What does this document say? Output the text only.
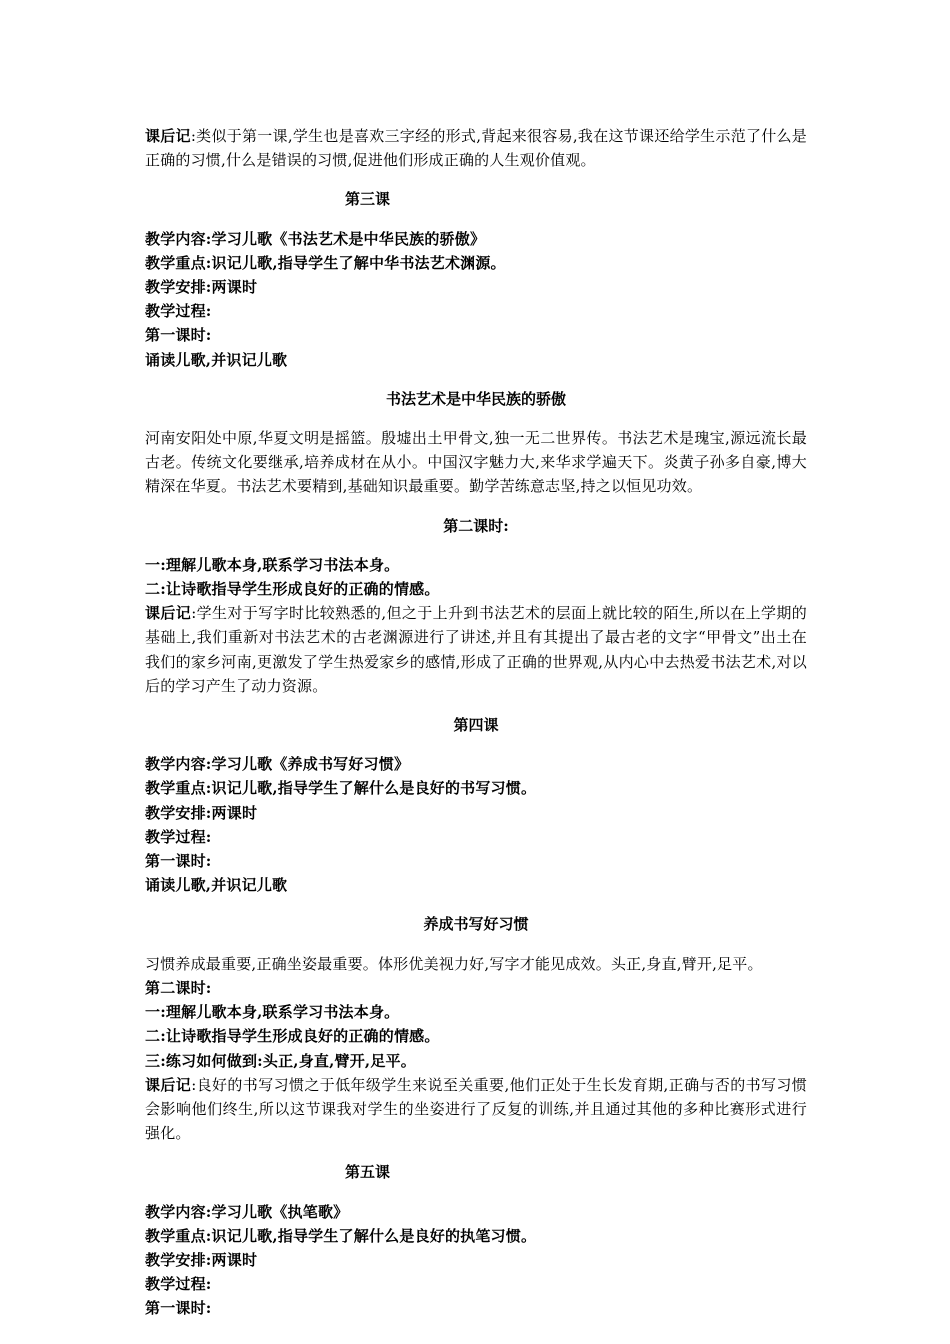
课后记:类似于第一课,学生也是喜欢三字经的形式,背起来很容易,我在这节课还给学生示范了什么是正确的习惯,什么是错误的习惯,促进他们形成正确的人生观价值观。

第三课

教学内容:学习儿歌《书法艺术是中华民族的骄傲》

教学重点:识记儿歌,指导学生了解中华书法艺术渊源。

教学安排:两课时

教学过程:

第一课时:

诵读儿歌,并识记儿歌

书法艺术是中华民族的骄傲

河南安阳处中原,华夏文明是摇篮。殷墟出土甲骨文,独一无二世界传。书法艺术是瑰宝,源远流长最古老。传统文化要继承,培养成材在从小。中国汉字魅力大,来华求学遍天下。炎黄子孙多自豪,博大精深在华夏。书法艺术要精到,基础知识最重要。勤学苦练意志坚,持之以恒见功效。

第二课时:

一:理解儿歌本身,联系学习书法本身。

二:让诗歌指导学生形成良好的正确的情感。

课后记:学生对于写字时比较熟悉的,但之于上升到书法艺术的层面上就比较的陌生,所以在上学期的基础上,我们重新对书法艺术的古老渊源进行了讲述,并且有其提出了最古老的文字“甲骨文”出土在我们的家乡河南,更激发了学生热爱家乡的感情,形成了正确的世界观,从内心中去热爱书法艺术,对以后的学习产生了动力资源。

第四课

教学内容:学习儿歌《养成书写好习惯》

教学重点:识记儿歌,指导学生了解什么是良好的书写习惯。

教学安排:两课时

教学过程:

第一课时:

诵读儿歌,并识记儿歌

养成书写好习惯

习惯养成最重要,正确坐姿最重要。体形优美视力好,写字才能见成效。头正,身直,臂开,足平。

第二课时:

一:理解儿歌本身,联系学习书法本身。

二:让诗歌指导学生形成良好的正确的情感。

三:练习如何做到:头正,身直,臂开,足平。

课后记:良好的书写习惯之于低年级学生来说至关重要,他们正处于生长发育期,正确与否的书写习惯会影响他们终生,所以这节课我对学生的坐姿进行了反复的训练,并且通过其他的多种比赛形式进行强化。

第五课

教学内容:学习儿歌《执笔歌》

教学重点:识记儿歌,指导学生了解什么是良好的执笔习惯。

教学安排:两课时

教学过程:

第一课时:
